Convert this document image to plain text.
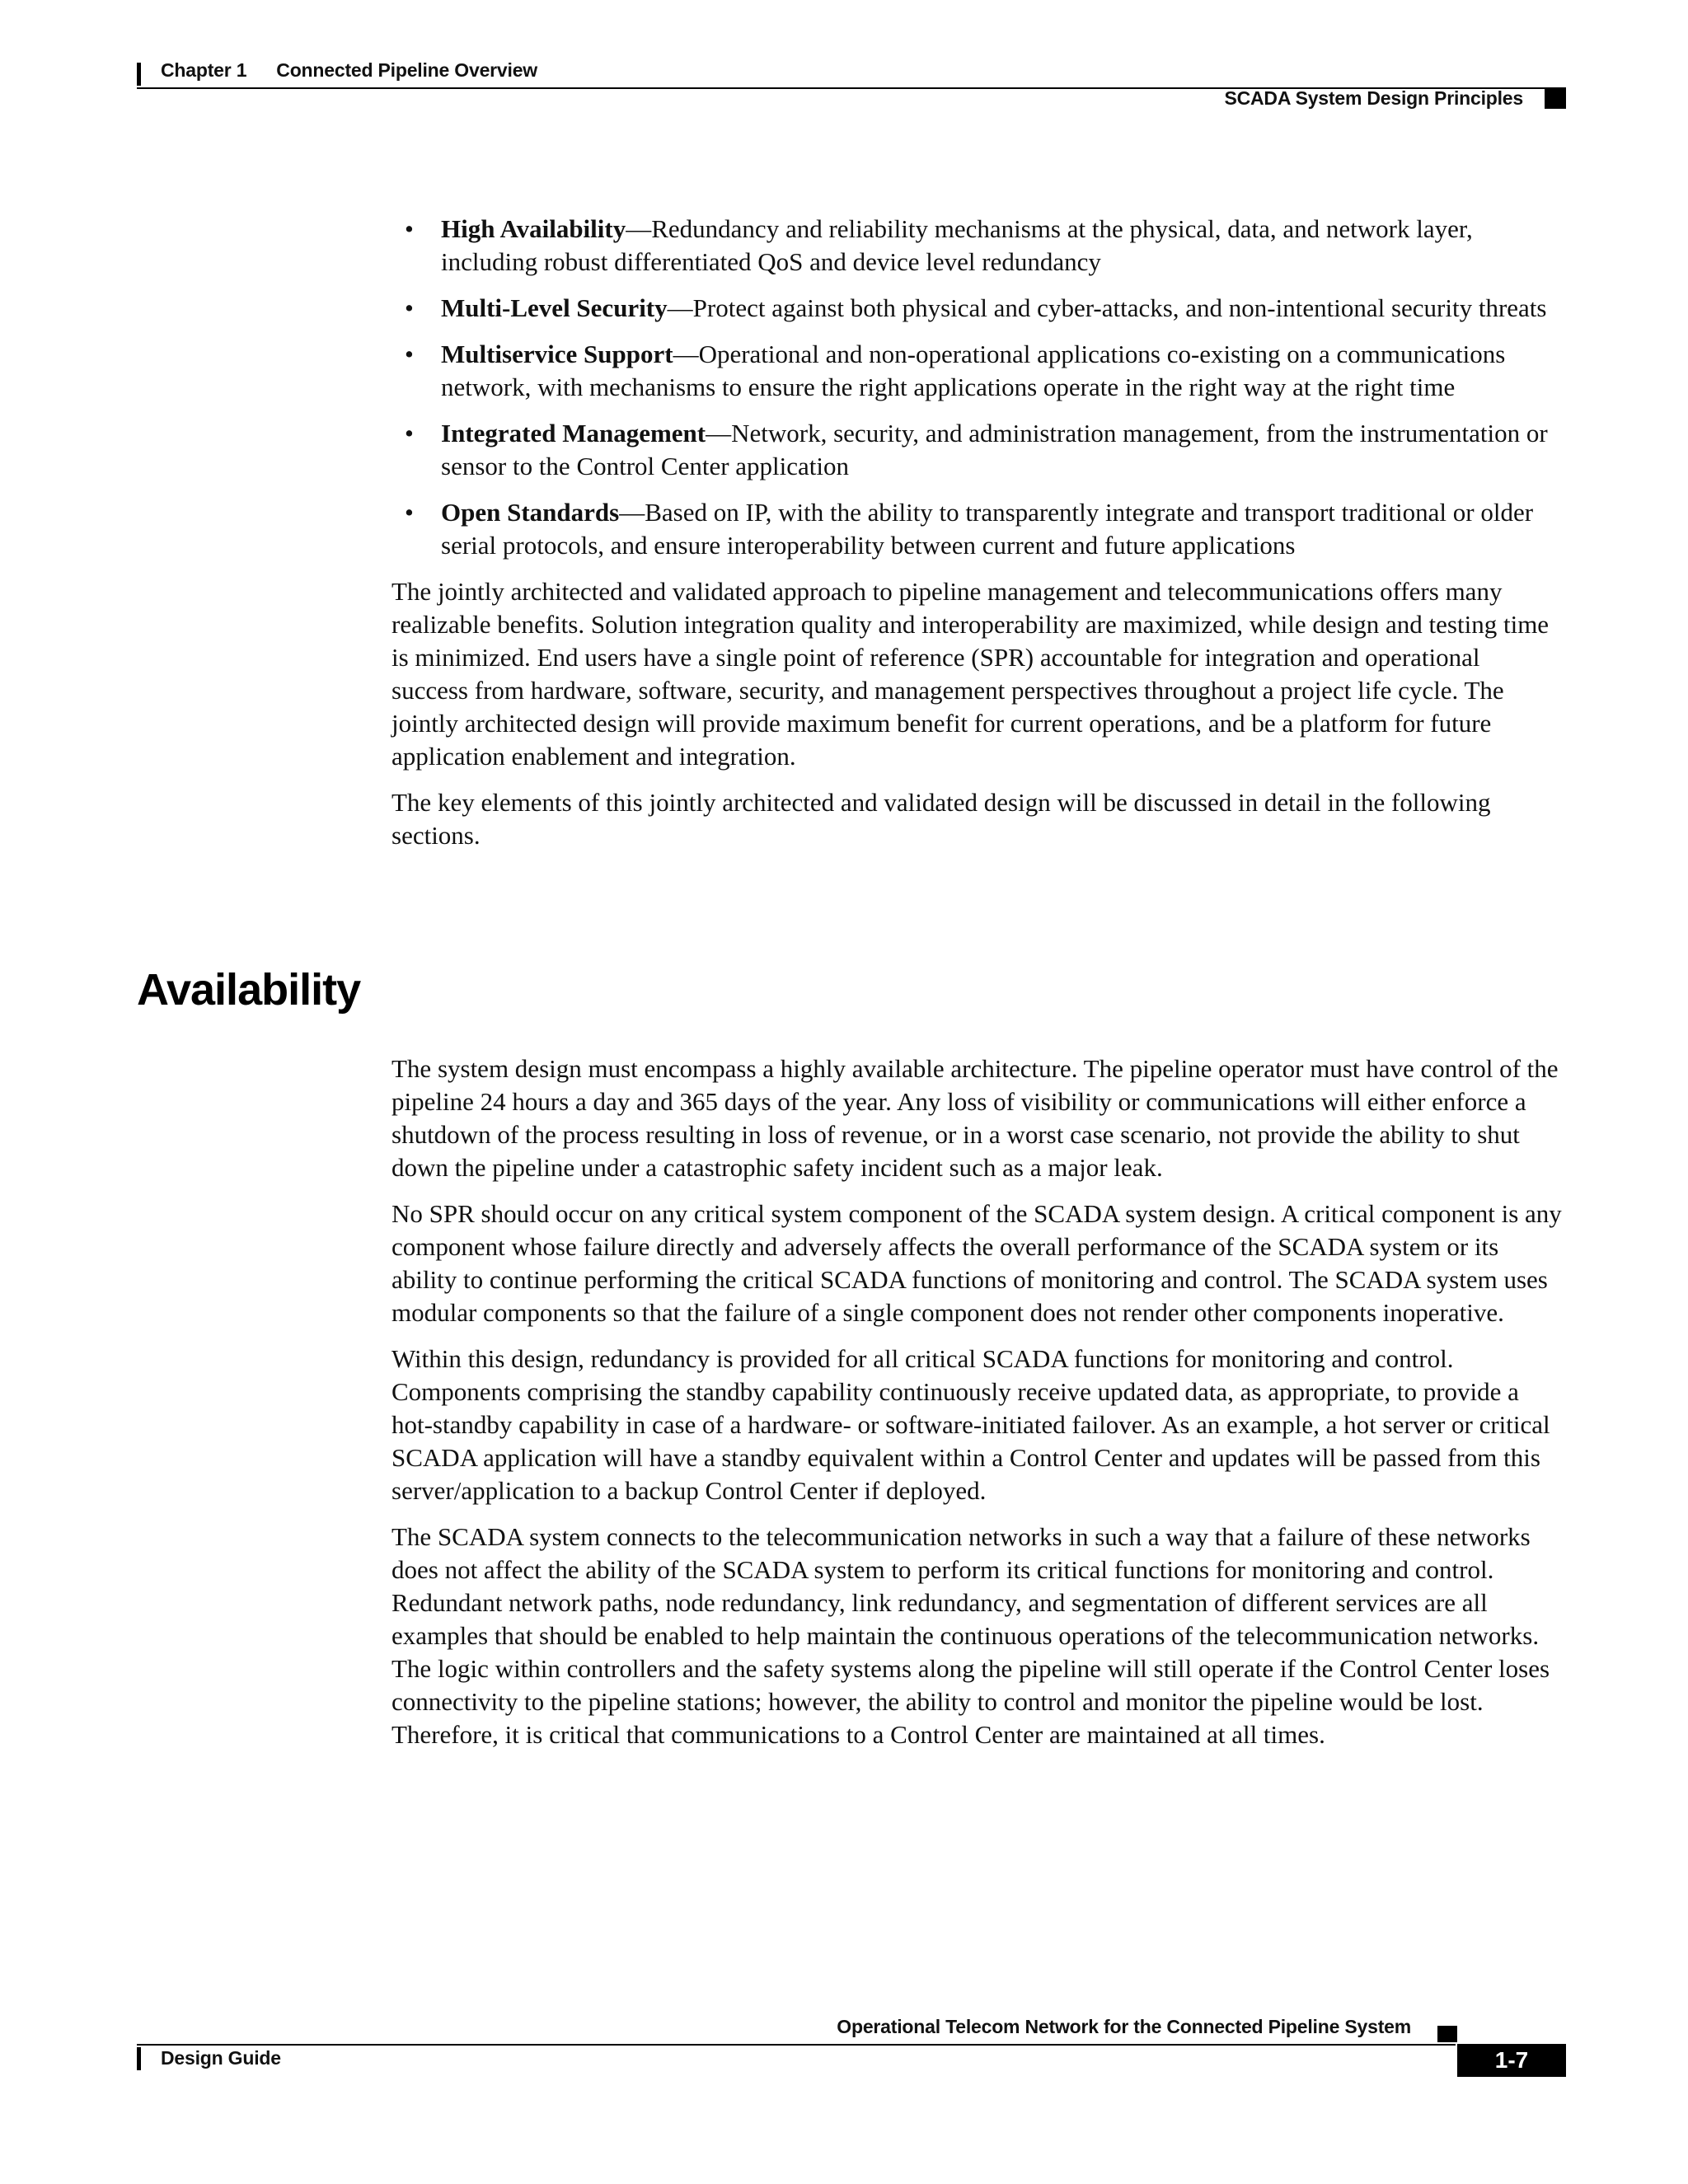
Chapter 1 Connected Pipeline Overview
SCADA System Design Principles
• High Availability—Redundancy and reliability mechanisms at the physical, data, and network layer, including robust differentiated QoS and device level redundancy
• Multi-Level Security—Protect against both physical and cyber-attacks, and non-intentional security threats
• Multiservice Support—Operational and non-operational applications co-existing on a communications network, with mechanisms to ensure the right applications operate in the right way at the right time
• Integrated Management—Network, security, and administration management, from the instrumentation or sensor to the Control Center application
• Open Standards—Based on IP, with the ability to transparently integrate and transport traditional or older serial protocols, and ensure interoperability between current and future applications

The jointly architected and validated approach to pipeline management and telecommunications offers many realizable benefits. Solution integration quality and interoperability are maximized, while design and testing time is minimized. End users have a single point of reference (SPR) accountable for integration and operational success from hardware, software, security, and management perspectives throughout a project life cycle. The jointly architected design will provide maximum benefit for current operations, and be a platform for future application enablement and integration.

The key elements of this jointly architected and validated design will be discussed in detail in the following sections.

Availability

The system design must encompass a highly available architecture. The pipeline operator must have control of the pipeline 24 hours a day and 365 days of the year. Any loss of visibility or communications will either enforce a shutdown of the process resulting in loss of revenue, or in a worst case scenario, not provide the ability to shut down the pipeline under a catastrophic safety incident such as a major leak.

No SPR should occur on any critical system component of the SCADA system design. A critical component is any component whose failure directly and adversely affects the overall performance of the SCADA system or its ability to continue performing the critical SCADA functions of monitoring and control. The SCADA system uses modular components so that the failure of a single component does not render other components inoperative.

Within this design, redundancy is provided for all critical SCADA functions for monitoring and control. Components comprising the standby capability continuously receive updated data, as appropriate, to provide a hot-standby capability in case of a hardware- or software-initiated failover. As an example, a hot server or critical SCADA application will have a standby equivalent within a Control Center and updates will be passed from this server/application to a backup Control Center if deployed.

The SCADA system connects to the telecommunication networks in such a way that a failure of these networks does not affect the ability of the SCADA system to perform its critical functions for monitoring and control. Redundant network paths, node redundancy, link redundancy, and segmentation of different services are all examples that should be enabled to help maintain the continuous operations of the telecommunication networks. The logic within controllers and the safety systems along the pipeline will still operate if the Control Center loses connectivity to the pipeline stations; however, the ability to control and monitor the pipeline would be lost. Therefore, it is critical that communications to a Control Center are maintained at all times.

Operational Telecom Network for the Connected Pipeline System
Design Guide	1-7
